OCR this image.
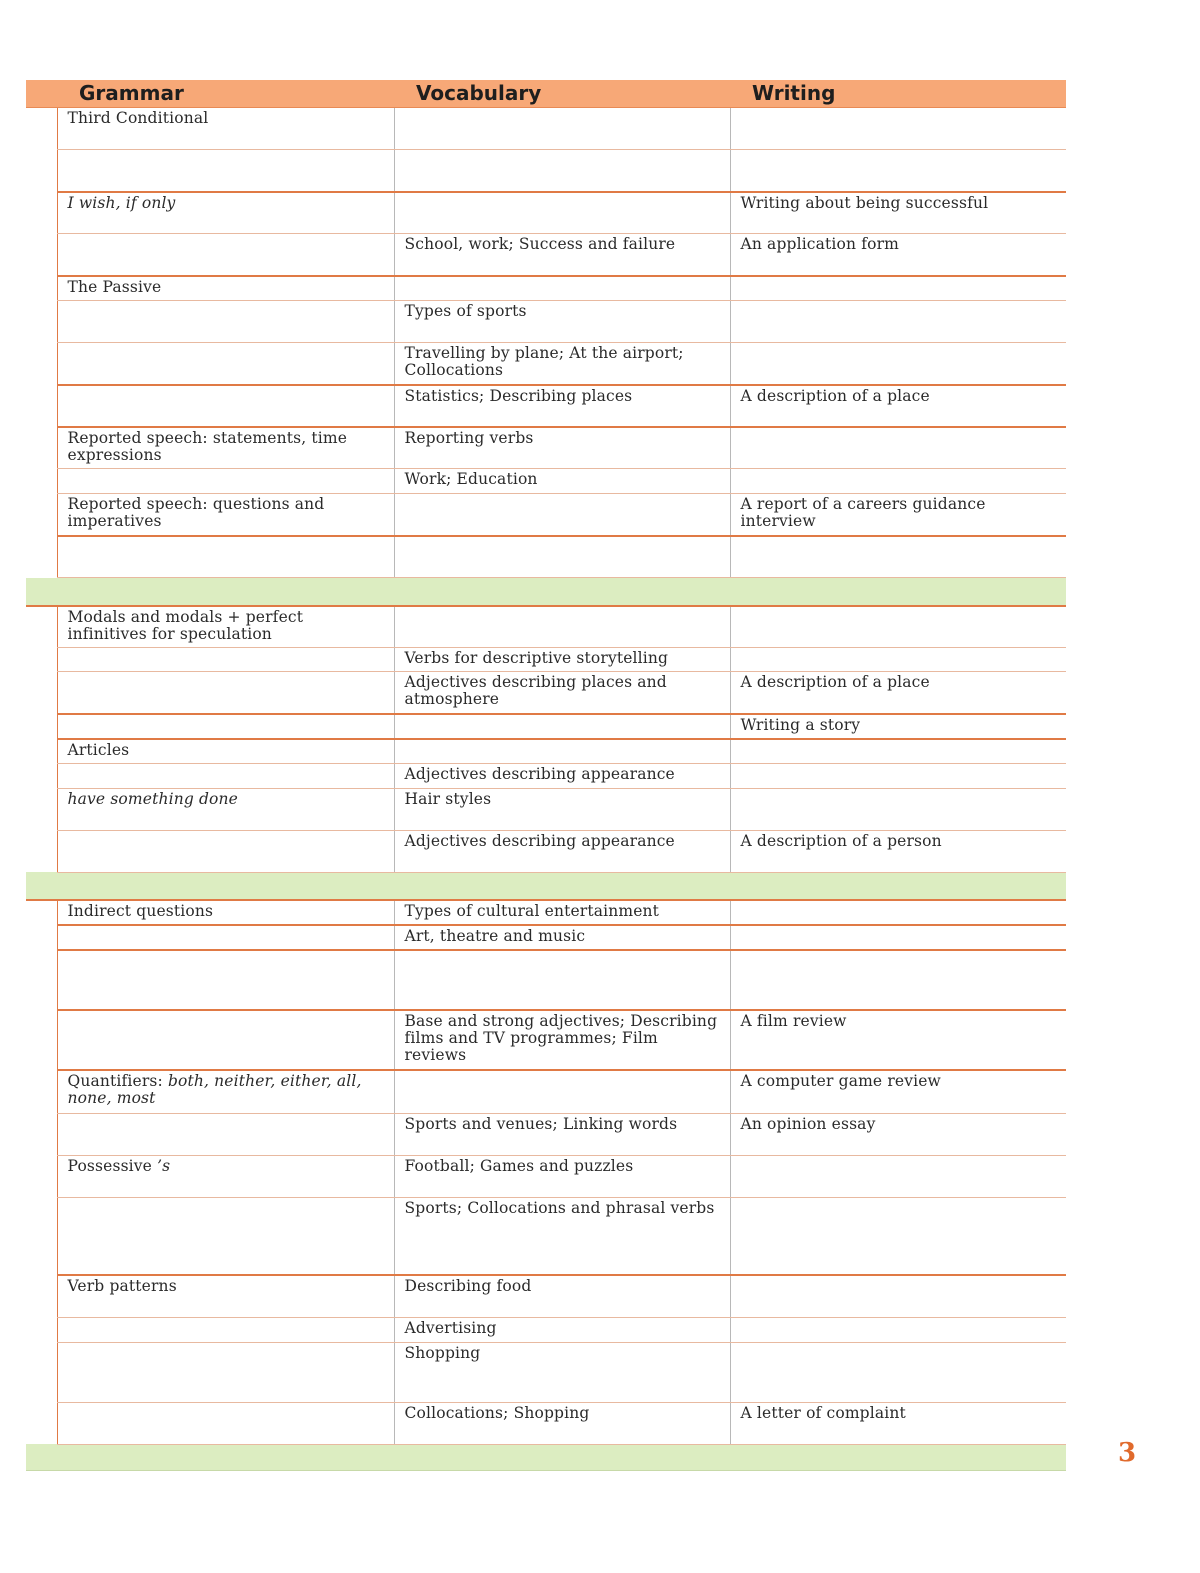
	Grammar	Vocabulary	Writing

	Third Conditional		

	I wish, if only		Writing about being successful
		School, work; Success and failure	An application form
	The Passive		
		Types of sports	
		Travelling by plane; At the airport; Collocations	
		Statistics; Describing places	A description of a place
	Reported speech: statements, time expressions	Reporting verbs	
		Work; Education	
	Reported speech: questions and imperatives		A report of a careers guidance interview

	Modals and modals + perfect infinitives for speculation		
		Verbs for descriptive storytelling	
		Adjectives describing places and atmosphere	A description of a place
			Writing a story
	Articles		
		Adjectives describing appearance	
	have something done	Hair styles	
		Adjectives describing appearance	A description of a person

	Indirect questions	Types of cultural entertainment	
		Art, theatre and music	

		Base and strong adjectives; Describing films and TV programmes; Film reviews	A film review
	Quantifiers: both, neither, either, all, none, most		A computer game review
		Sports and venues; Linking words	An opinion essay
	Possessive ’s	Football; Games and puzzles	
		Sports; Collocations and phrasal verbs	
	Verb patterns	Describing food	
		Advertising	
		Shopping	
		Collocations; Shopping	A letter of complaint

3
